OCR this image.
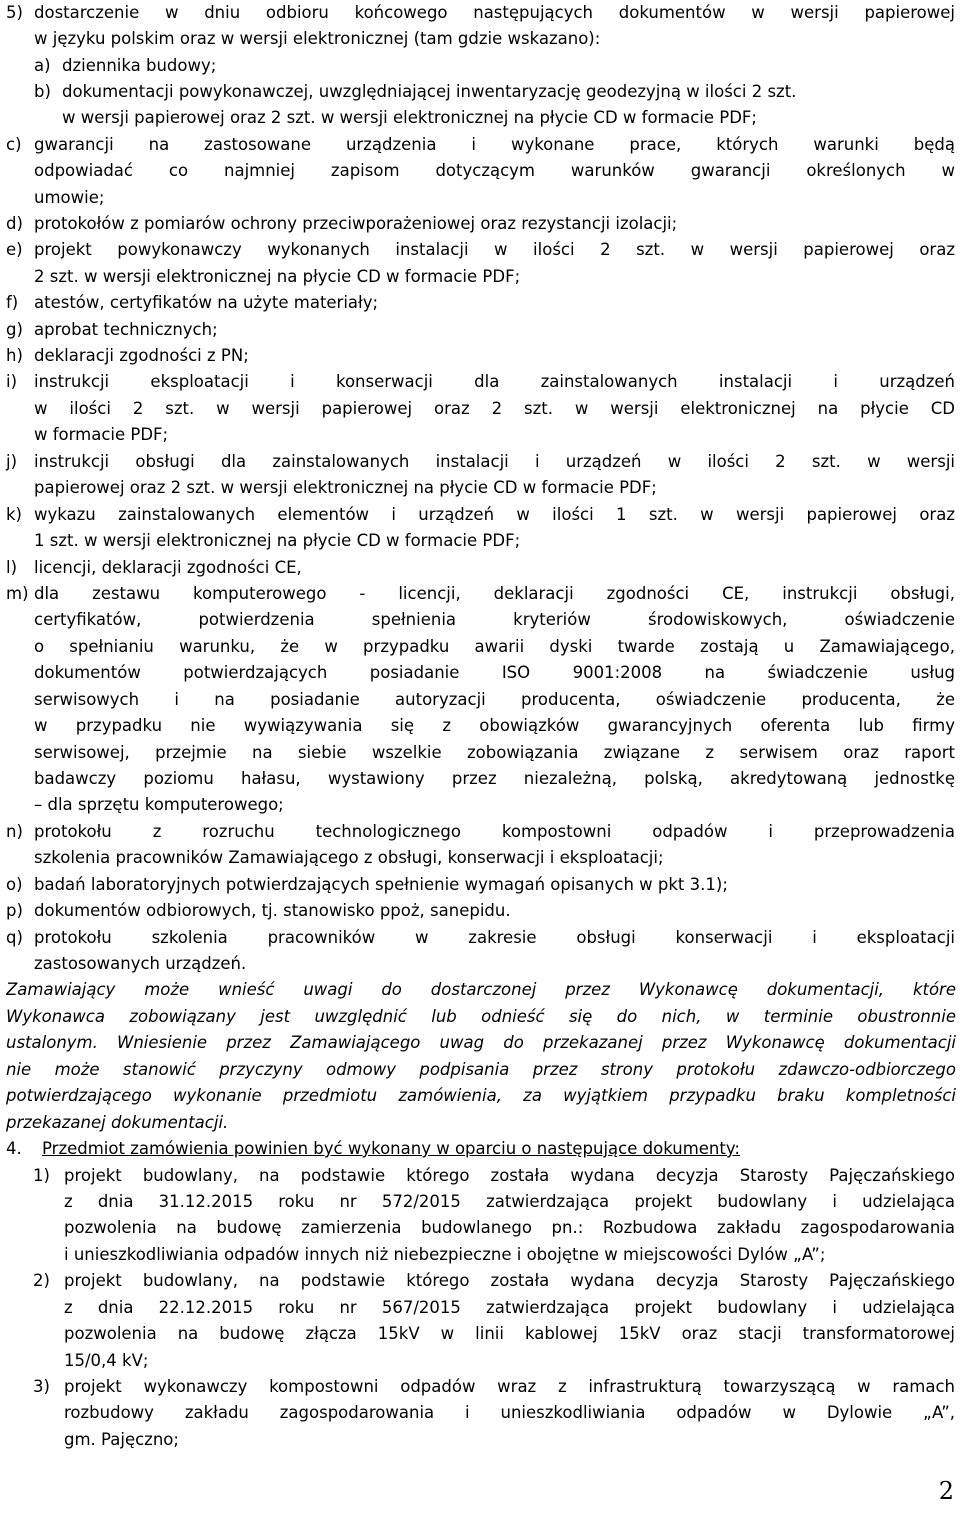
5) dostarczenie w dniu odbioru końcowego następujących dokumentów w wersji papierowej
w języku polskim oraz w wersji elektronicznej (tam gdzie wskazano):
a) dziennika budowy;
b) dokumentacji powykonawczej, uwzględniającej inwentaryzację geodezyjną w ilości 2 szt.
w wersji papierowej oraz 2 szt. w wersji elektronicznej na płycie CD w formacie PDF;
c) gwarancji na zastosowane urządzenia i wykonane prace, których warunki będą
odpowiadać co najmniej zapisom dotyczącym warunków gwarancji określonych w
umowie;
d) protokołów z pomiarów ochrony przeciwporażeniowej oraz rezystancji izolacji;
e) projekt powykonawczy wykonanych instalacji w ilości 2 szt. w wersji papierowej oraz
2 szt. w wersji elektronicznej na płycie CD w formacie PDF;
f) atestów, certyfikatów na użyte materiały;
g) aprobat technicznych;
h) deklaracji zgodności z PN;
i) instrukcji eksploatacji i konserwacji dla zainstalowanych instalacji i urządzeń
w ilości 2 szt. w wersji papierowej oraz 2 szt. w wersji elektronicznej na płycie CD
w formacie PDF;
j) instrukcji obsługi dla zainstalowanych instalacji i urządzeń w ilości 2 szt. w wersji
papierowej oraz 2 szt. w wersji elektronicznej na płycie CD w formacie PDF;
k) wykazu zainstalowanych elementów i urządzeń w ilości 1 szt. w wersji papierowej oraz
1 szt. w wersji elektronicznej na płycie CD w formacie PDF;
l) licencji, deklaracji zgodności CE,
m) dla zestawu komputerowego - licencji, deklaracji zgodności CE, instrukcji obsługi,
certyfikatów, potwierdzenia spełnienia kryteriów środowiskowych, oświadczenie
o spełnianiu warunku, że w przypadku awarii dyski twarde zostają u Zamawiającego,
dokumentów potwierdzających posiadanie ISO 9001:2008 na świadczenie usług
serwisowych i na posiadanie autoryzacji producenta, oświadczenie producenta, że
w przypadku nie wywiązywania się z obowiązków gwarancyjnych oferenta lub firmy
serwisowej, przejmie na siebie wszelkie zobowiązania związane z serwisem oraz raport
badawczy poziomu hałasu, wystawiony przez niezależną, polską, akredytowaną jednostkę
– dla sprzętu komputerowego;
n) protokołu z rozruchu technologicznego kompostowni odpadów i przeprowadzenia
szkolenia pracowników Zamawiającego z obsługi, konserwacji i eksploatacji;
o) badań laboratoryjnych potwierdzających spełnienie wymagań opisanych w pkt 3.1);
p) dokumentów odbiorowych, tj. stanowisko ppoż, sanepidu.
q) protokołu szkolenia pracowników w zakresie obsługi konserwacji i eksploatacji
zastosowanych urządzeń.
Zamawiający może wnieść uwagi do dostarczonej przez Wykonawcę dokumentacji, które
Wykonawca zobowiązany jest uwzględnić lub odnieść się do nich, w terminie obustronnie
ustalonym. Wniesienie przez Zamawiającego uwag do przekazanej przez Wykonawcę dokumentacji
nie może stanowić przyczyny odmowy podpisania przez strony protokołu zdawczo-odbiorczego
potwierdzającego wykonanie przedmiotu zamówienia, za wyjątkiem przypadku braku kompletności
przekazanej dokumentacji.
4. Przedmiot zamówienia powinien być wykonany w oparciu o następujące dokumenty:
1) projekt budowlany, na podstawie którego została wydana decyzja Starosty Pajęczańskiego
z dnia 31.12.2015 roku nr 572/2015 zatwierdzająca projekt budowlany i udzielająca
pozwolenia na budowę zamierzenia budowlanego pn.: Rozbudowa zakładu zagospodarowania
i unieszkodliwiania odpadów innych niż niebezpieczne i obojętne w miejscowości Dylów „A”;
2) projekt budowlany, na podstawie którego została wydana decyzja Starosty Pajęczańskiego
z dnia 22.12.2015 roku nr 567/2015 zatwierdzająca projekt budowlany i udzielająca
pozwolenia na budowę złącza 15kV w linii kablowej 15kV oraz stacji transformatorowej
15/0,4 kV;
3) projekt wykonawczy kompostowni odpadów wraz z infrastrukturą towarzyszącą w ramach
rozbudowy zakładu zagospodarowania i unieszkodliwiania odpadów w Dylowie „A”,
gm. Pajęczno;
2
